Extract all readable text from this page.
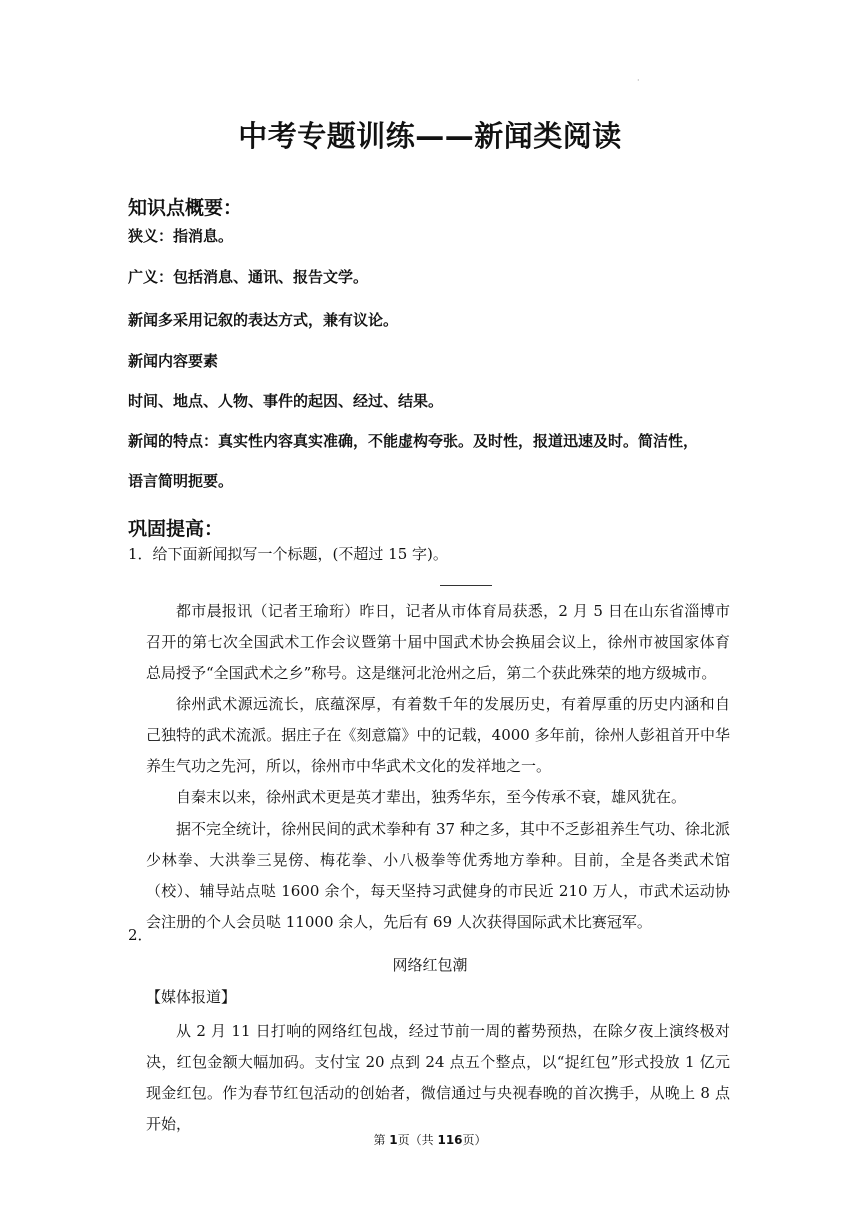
·
中考专题训练——新闻类阅读
知识点概要：

狭义：指消息。

广义：包括消息、通讯、报告文学。

新闻多采用记叙的表达方式，兼有议论。

新闻内容要素

时间、地点、人物、事件的起因、经过、结果。

新闻的特点：真实性内容真实准确，不能虚构夸张。及时性，报道迅速及时。简洁性，

语言简明扼要。

巩固提高：

1．给下面新闻拟写一个标题，(不超过 15 字)。

都市晨报讯（记者王瑜珩）昨日，记者从市体育局获悉，2 月 5 日在山东省淄博市召开的第七次全国武术工作会议暨第十届中国武术协会换届会议上，徐州市被国家体育总局授予“全国武术之乡”称号。这是继河北沧州之后，第二个获此殊荣的地方级城市。

徐州武术源远流长，底蕴深厚，有着数千年的发展历史，有着厚重的历史内涵和自己独特的武术流派。据庄子在《刻意篇》中的记载，4000 多年前，徐州人彭祖首开中华养生气功之先河，所以，徐州市中华武术文化的发祥地之一。

自秦末以来，徐州武术更是英才辈出，独秀华东，至今传承不衰，雄风犹在。

据不完全统计，徐州民间的武术拳种有 37 种之多，其中不乏彭祖养生气功、徐北派少林拳、大洪拳三晃傍、梅花拳、小八极拳等优秀地方拳种。目前，全是各类武术馆（校）、辅导站点哒 1600 余个，每天坚持习武健身的市民近 210 万人，市武术运动协会注册的个人会员哒 11000 余人，先后有 69 人次获得国际武术比赛冠军。

2．

网络红包潮

【媒体报道】

从 2 月 11 日打响的网络红包战，经过节前一周的蓄势预热，在除夕夜上演终极对决，红包金额大幅加码。支付宝 20 点到 24 点五个整点，以“捉红包”形式投放 1 亿元现金红包。作为春节红包活动的创始者，微信通过与央视春晚的首次携手，从晚上 8 点开始，

第 1页（共 116页）
